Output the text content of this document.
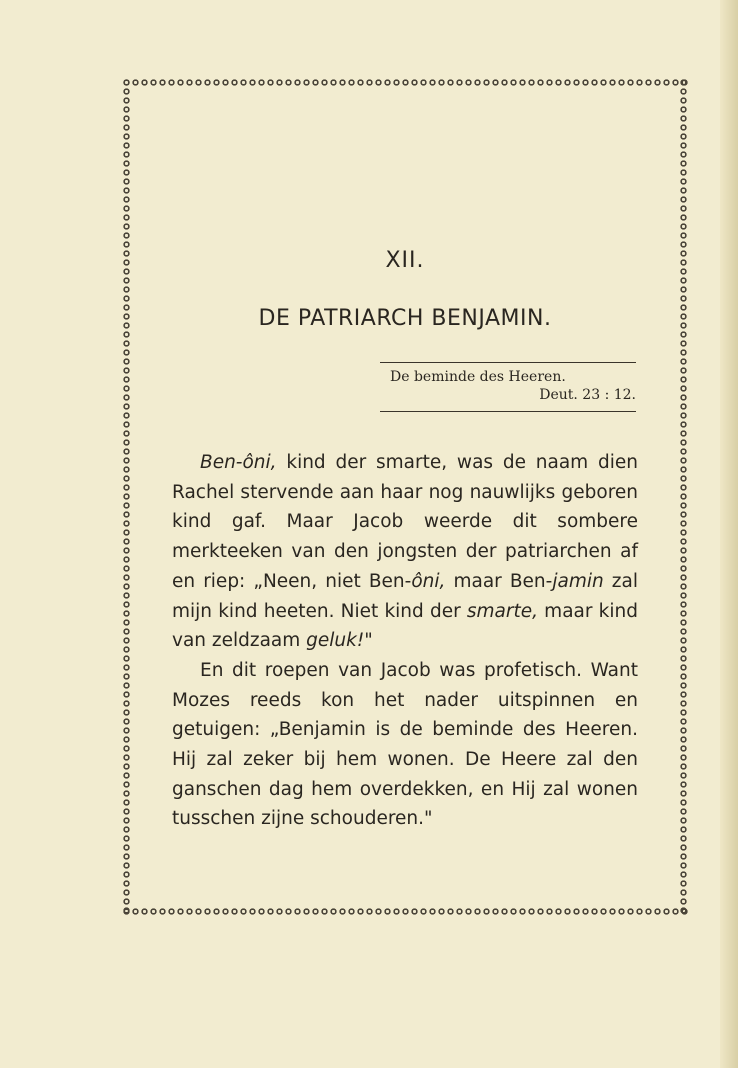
XII.
DE PATRIARCH BENJAMIN.
De beminde des Heeren.
Deut. 23 : 12.

Ben-ôni, kind der smarte, was de naam dien Rachel stervende aan haar nog nauwlijks geboren kind gaf. Maar Jacob weerde dit sombere merkteeken van den jongsten der patriarchen af en riep: „Neen, niet Ben-ôni, maar Ben-jamin zal mijn kind heeten. Niet kind der smarte, maar kind van zeldzaam geluk!"

En dit roepen van Jacob was profetisch. Want Mozes reeds kon het nader uitspinnen en getuigen: „Benjamin is de beminde des Heeren. Hij zal zeker bij hem wonen. De Heere zal den ganschen dag hem overdekken, en Hij zal wonen tusschen zijne schouderen."
